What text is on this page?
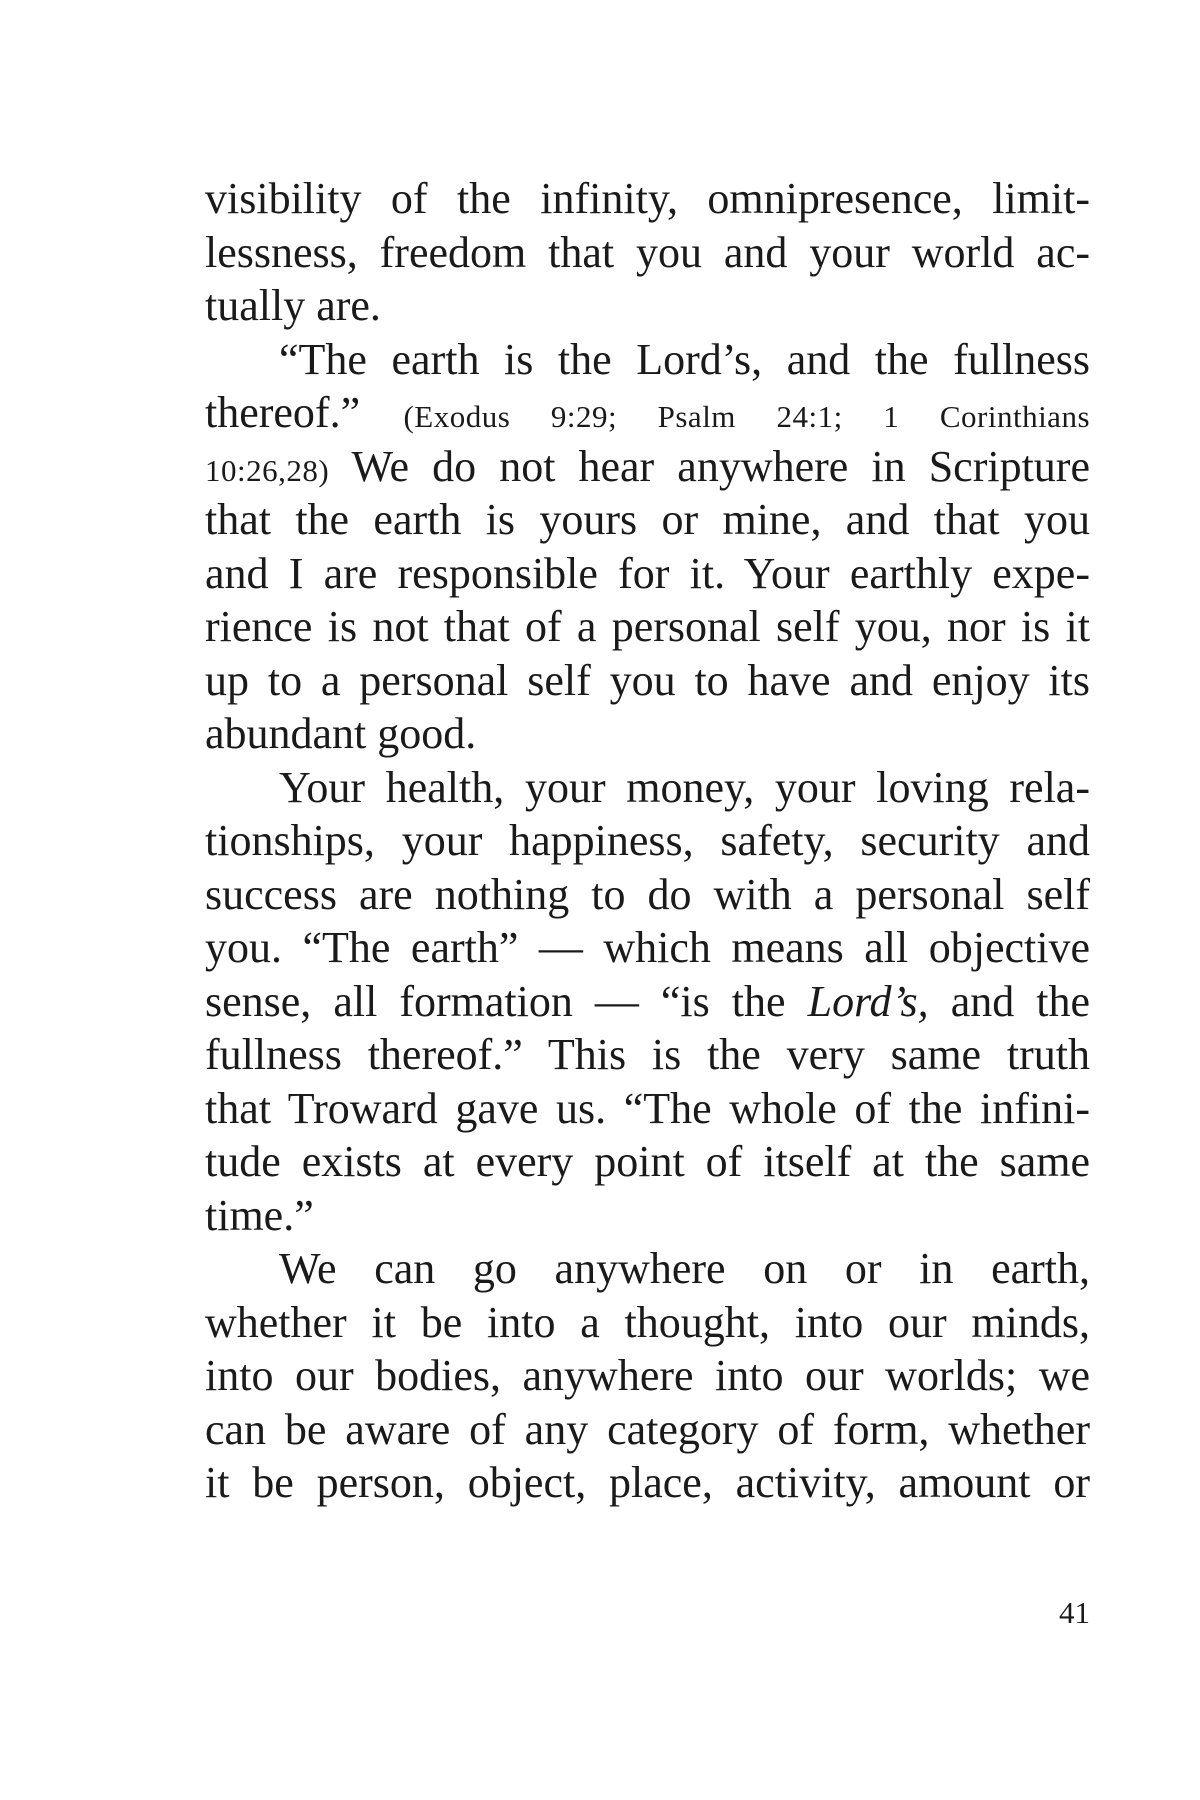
visibility of the infinity, omnipresence, limit-
lessness, freedom that you and your world ac-
tually are.
“The earth is the Lord’s, and the fullness
thereof.” (Exodus 9:29; Psalm 24:1; 1 Corinthians
10:26,28) We do not hear anywhere in Scripture
that the earth is yours or mine, and that you
and I are responsible for it. Your earthly expe-
rience is not that of a personal self you, nor is it
up to a personal self you to have and enjoy its
abundant good.
Your health, your money, your loving rela-
tionships, your happiness, safety, security and
success are nothing to do with a personal self
you. “The earth” — which means all objective
sense, all formation — “is the Lord’s, and the
fullness thereof.” This is the very same truth
that Troward gave us. “The whole of the infini-
tude exists at every point of itself at the same
time.”
We can go anywhere on or in earth,
whether it be into a thought, into our minds,
into our bodies, anywhere into our worlds; we
can be aware of any category of form, whether
it be person, object, place, activity, amount or
41
